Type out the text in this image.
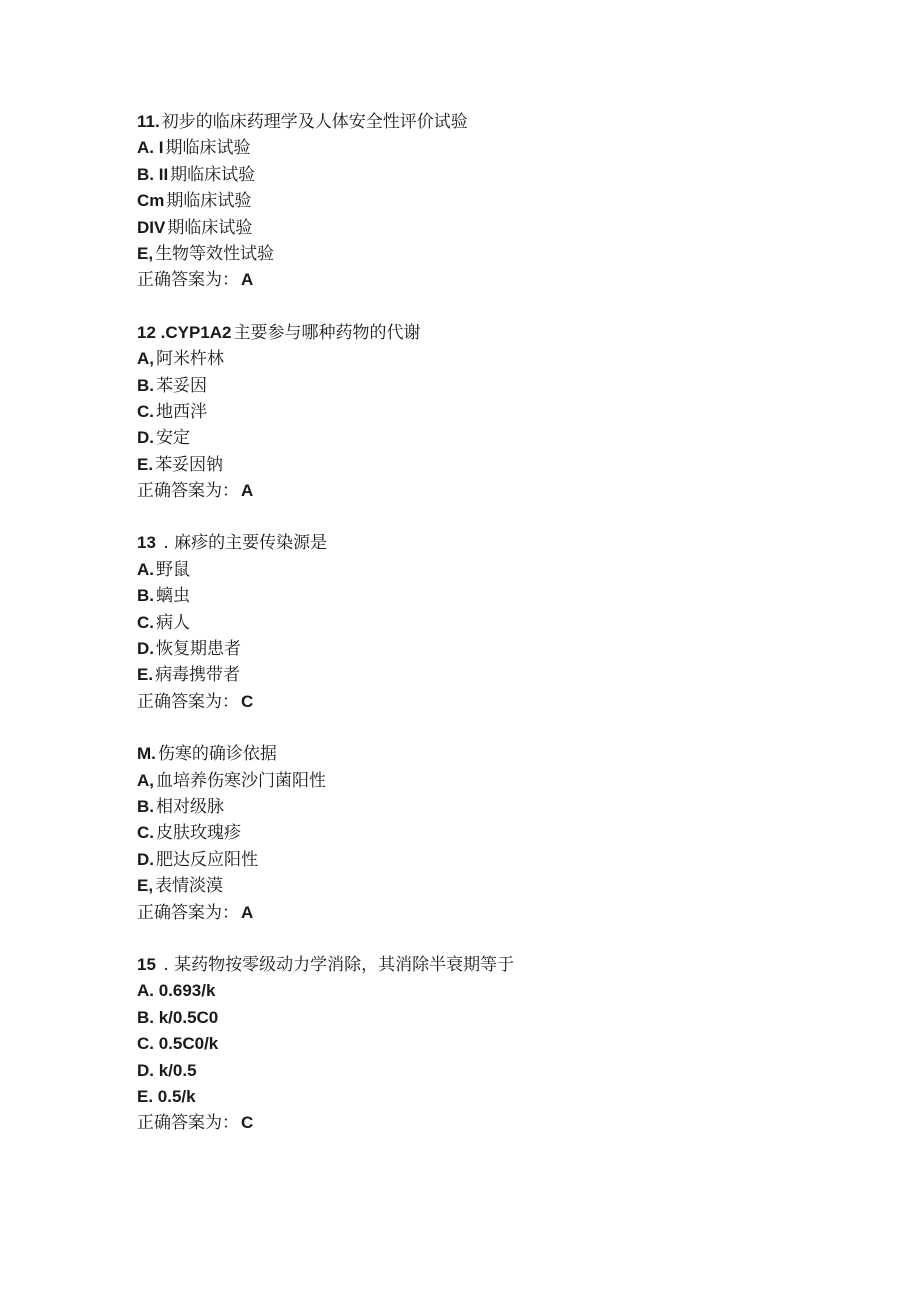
11. 初步的临床药理学及人体安全性评价试验
A. I 期临床试验
B. II 期临床试验
Cm 期临床试验
DIV 期临床试验
E, 生物等效性试验
正确答案为： A
12 .CYP1A2 主要参与哪种药物的代谢
A, 阿米杵林
B. 苯妥因
C. 地西泮
D. 安定
E. 苯妥因钠
正确答案为： A
13 . 麻疹的主要传染源是
A. 野鼠
B. 螭虫
C. 病人
D. 恢复期患者
E. 病毒携带者
正确答案为： C
M. 伤寒的确诊依据
A, 血培养伤寒沙门菌阳性
B. 相对级脉
C. 皮肤玫瑰疹
D. 肥达反应阳性
E, 表情淡漠
正确答案为： A
15 . 某药物按零级动力学消除，其消除半衰期等于
A. 0.693/k
B. k/0.5C0
C. 0.5C0/k
D. k/0.5
E. 0.5/k
正确答案为： C
